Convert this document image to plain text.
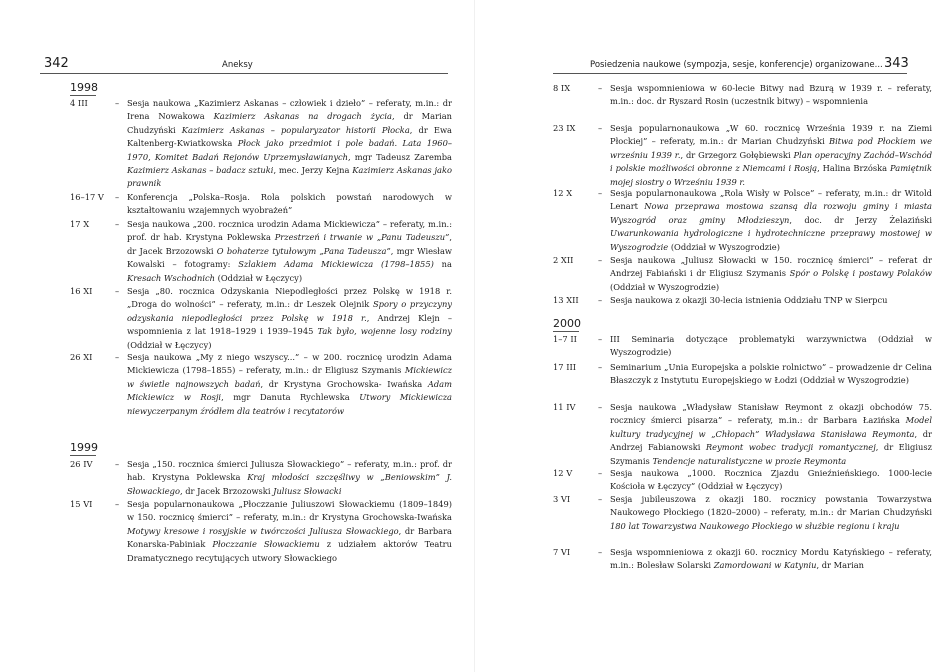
342	Aneksy
1998
4 III	– Sesja naukowa „Kazimierz Askanas – człowiek i dzieło” – referaty, m.in.: dr Irena Nowakowa Kazimierz Askanas na drogach życia, dr Marian Chudzyński Kazimierz Askanas – popularyzator historii Płocka, dr Ewa Kaltenberg-Kwiatkowska Płock jako przedmiot i pole badań. Lata 1960–1970, Komitet Badań Rejonów Uprzemysławianych, mgr Tadeusz Zaremba Kazimierz Askanas – badacz sztuki, mec. Jerzy Kejna Kazimierz Askanas jako prawnik
16–17 V – Konferencja „Polska–Rosja. Rola polskich powstań narodowych w kształtowaniu wzajemnych wyobrażeń”
17 X	– Sesja naukowa „200. rocznica urodzin Adama Mickiewicza” – referaty, m.in.: prof. dr hab. Krystyna Poklewska Przestrzeń i trwanie w „Panu Tadeuszu”, dr Jacek Brzozowski O bohaterze tytułowym „Pana Tadeusza”, mgr Wiesław Kowalski – fotogramy: Szlakiem Adama Mickiewicza (1798–1855) na Kresach Wschodnich (Oddział w Łęczycy)
16 XI	– Sesja „80. rocznica Odzyskania Niepodległości przez Polskę w 1918 r. „Droga do wolności” – referaty, m.in.: dr Leszek Olejnik Spory o przyczyny odzyskania niepodległości przez Polskę w 1918 r., Andrzej Klejn – wspomnienia z lat 1918–1929 i 1939–1945 Tak było, wojenne losy rodziny (Oddział w Łęczycy)
26 XI	– Sesja naukowa „My z niego wszyscy...” – w 200. rocznicę urodzin Adama Mickiewicza (1798–1855) – referaty, m.in.: dr Eligiusz Szymanis Mickiewicz w świetle najnowszych badań, dr Krystyna Grochowska- Iwańska Adam Mickiewicz w Rosji, mgr Danuta Rychlewska Utwory Mickiewicza niewyczerpanym źródłem dla teatrów i recytatorów
1999
26 IV	– Sesja „150. rocznica śmierci Juliusza Słowackiego” – referaty, m.in.: prof. dr hab. Krystyna Poklewska Kraj młodości szczęśliwy w „Beniowskim” J. Słowackiego, dr Jacek Brzozowski Juliusz Słowacki
15 VI	– Sesja popularnonaukowa „Płoczzanie Juliuszowi Słowackiemu (1809–1849) w 150. rocznicę śmierci” – referaty, m.in.: dr Krystyna Grochowska-Iwańska Motywy kresowe i rosyjskie w twórczości Juliusza Słowackiego, dr Barbara Konarska-Pabiniak Płoczzanie Słowackiemu z udziałem aktorów Teatru Dramatycznego recytujących utwory Słowackiego
Posiedzenia naukowe (sympozja, sesje, konferencje) organizowane... 343
8 IX	– Sesja wspomnieniowa w 60-lecie Bitwy nad Bzurą w 1939 r. – referaty, m.in.: doc. dr Ryszard Rosin (uczestnik bitwy) – wspomnienia
23 IX	– Sesja popularnonaukowa „W 60. rocznicę Września 1939 r. na Ziemi Płockiej” – referaty, m.in.: dr Marian Chudzyński Bitwa pod Płockiem we wrześniu 1939 r., dr Grzegorz Gołębiewski Plan operacyjny Zachód–Wschód i polskie możliwości obronne z Niemcami i Rosją, Halina Brzóska Pamiętnik mojej siostry o Wrześniu 1939 r.
12 X	– Sesja popularnonaukowa „Rola Wisły w Polsce” – referaty, m.in.: dr Witold Lenart Nowa przeprawa mostowa szansą dla rozwoju gminy i miasta Wyszogród oraz gminy Młodzieszyn, doc. dr Jerzy Żelaziński Uwarunkowania hydrologiczne i hydrotechniczne przeprawy mostowej w Wyszogrodzie (Oddział w Wyszogrodzie)
2 XII	– Sesja naukowa „Juliusz Słowacki w 150. rocznicę śmierci” – referat dr Andrzej Fabiański i dr Eligiusz Szymanis Spór o Polskę i postawy Polaków (Oddział w Wyszogrodzie)
13 XII – Sesja naukowa z okazji 30-lecia istnienia Oddziału TNP w Sierpcu
2000
1–7 II	– III Seminaria dotyczące problematyki warzywnictwa (Oddział w Wyszogrodzie)
17 III	– Seminarium „Unia Europejska a polskie rolnictwo” – prowadzenie dr Celina Błaszczyk z Instytutu Europejskiego w Łodzi (Oddział w Wyszogrodzie)
11 IV	– Sesja naukowa „Władysław Stanisław Reymont z okazji obchodów 75. rocznicy śmierci pisarza” – referaty, m.in.: dr Barbara Łazińska Model kultury tradycyjnej w „Chłopach” Władysława Stanisława Reymonta, dr Andrzej Fabianowski Reymont wobec tradycji romantycznej, dr Eligiusz Szymanis Tendencje naturalistyczne w prozie Reymonta
12 V	– Sesja naukowa „1000. Rocznica Zjazdu Gnieźnieńskiego. 1000-lecie Kościoła w Łęczycy” (Oddział w Łęczycy)
3 VI	– Sesja jubileuszowa z okazji 180. rocznicy powstania Towarzystwa Naukowego Płockiego (1820–2000) – referaty, m.in.: dr Marian Chudzyński 180 lat Towarzystwa Naukowego Płockiego w służbie regionu i kraju
7 VI	– Sesja wspomnieniowa z okazji 60. rocznicy Mordu Katyńskiego – referaty, m.in.: Bolesław Solarski Zamordowani w Katyniu, dr Marian
